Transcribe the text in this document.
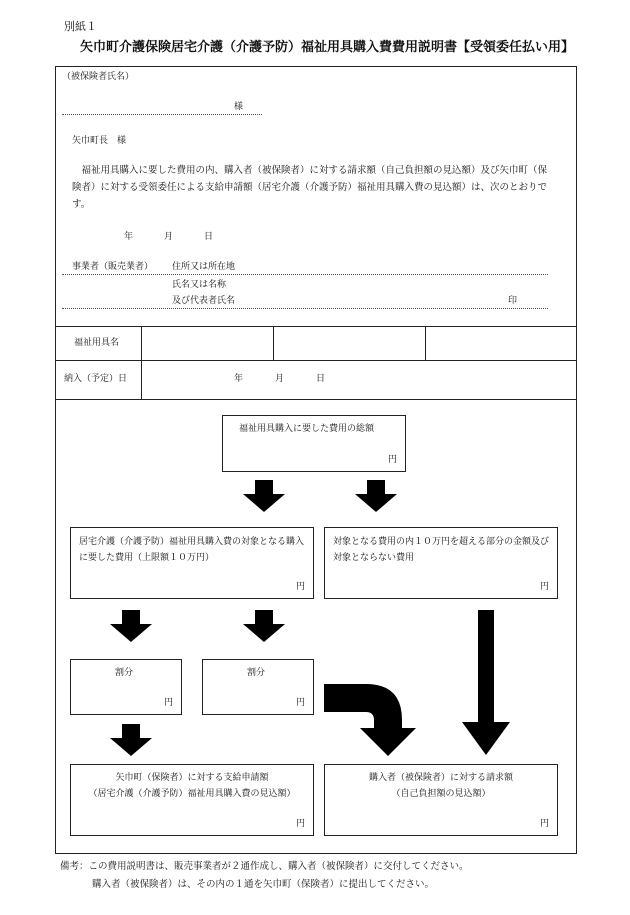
別紙１
矢巾町介護保険居宅介護（介護予防）福祉用具購入費費用説明書【受領委任払い用】
（被保険者氏名）
様
矢巾町長　様
　福祉用具購入に要した費用の内、購入者（被保険者）に対する請求額（自己負担額の見込額）及び矢巾町（保険者）に対する受領委任による支給申請額（居宅介護（介護予防）福祉用具購入費の見込額）は、次のとおりです。
年	月	日
事業者（販売業者） 住所又は所在地
氏名又は名称
及び代表者氏名	印
福祉用具名
納入（予定）日	年	月	日
福祉用具購入に要した費用の総額
円
居宅介護（介護予防）福祉用具購入費の対象となる購入に要した費用（上限額１０万円）
円
対象となる費用の内１０万円を超える部分の金額及び対象とならない費用
円
割分
円
割分
円
矢巾町（保険者）に対する支給申請額
（居宅介護（介護予防）福祉用具購入費の見込額）
円
購入者（被保険者）に対する請求額
（自己負担額の見込額）
円
備考：この費用説明書は、販売事業者が２通作成し、購入者（被保険者）に交付してください。
購入者（被保険者）は、その内の１通を矢巾町（保険者）に提出してください。
